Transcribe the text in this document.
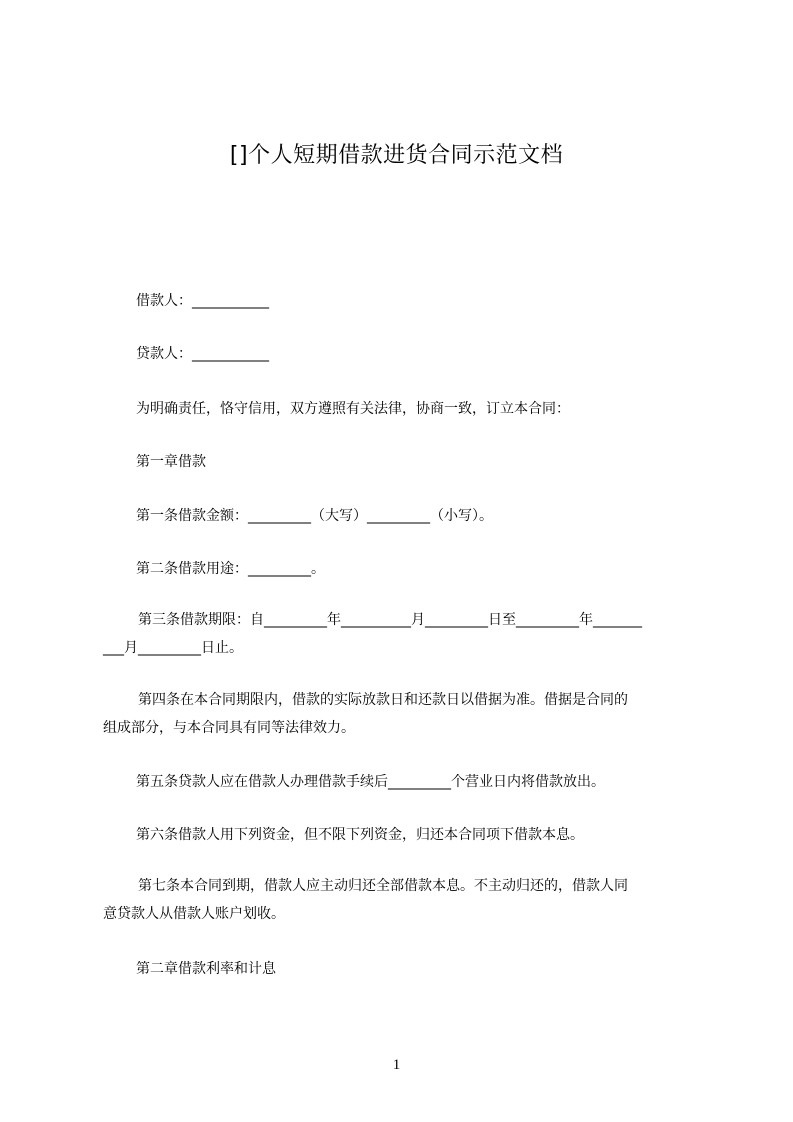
[]个人短期借款进货合同示范文档
借款人：___________
贷款人：___________
为明确责任，恪守信用，双方遵照有关法律，协商一致，订立本合同：
第一章借款
第一条借款金额：_________（大写）_________（小写）。
第二条借款用途：_________。
第三条借款期限：自_________年__________月_________日至_________年_______
___月_________日止。
第四条在本合同期限内，借款的实际放款日和还款日以借据为准。借据是合同的
组成部分，与本合同具有同等法律效力。
第五条贷款人应在借款人办理借款手续后_________个营业日内将借款放出。
第六条借款人用下列资金，但不限下列资金，归还本合同项下借款本息。
第七条本合同到期，借款人应主动归还全部借款本息。不主动归还的，借款人同
意贷款人从借款人账户划收。
第二章借款利率和计息
1
